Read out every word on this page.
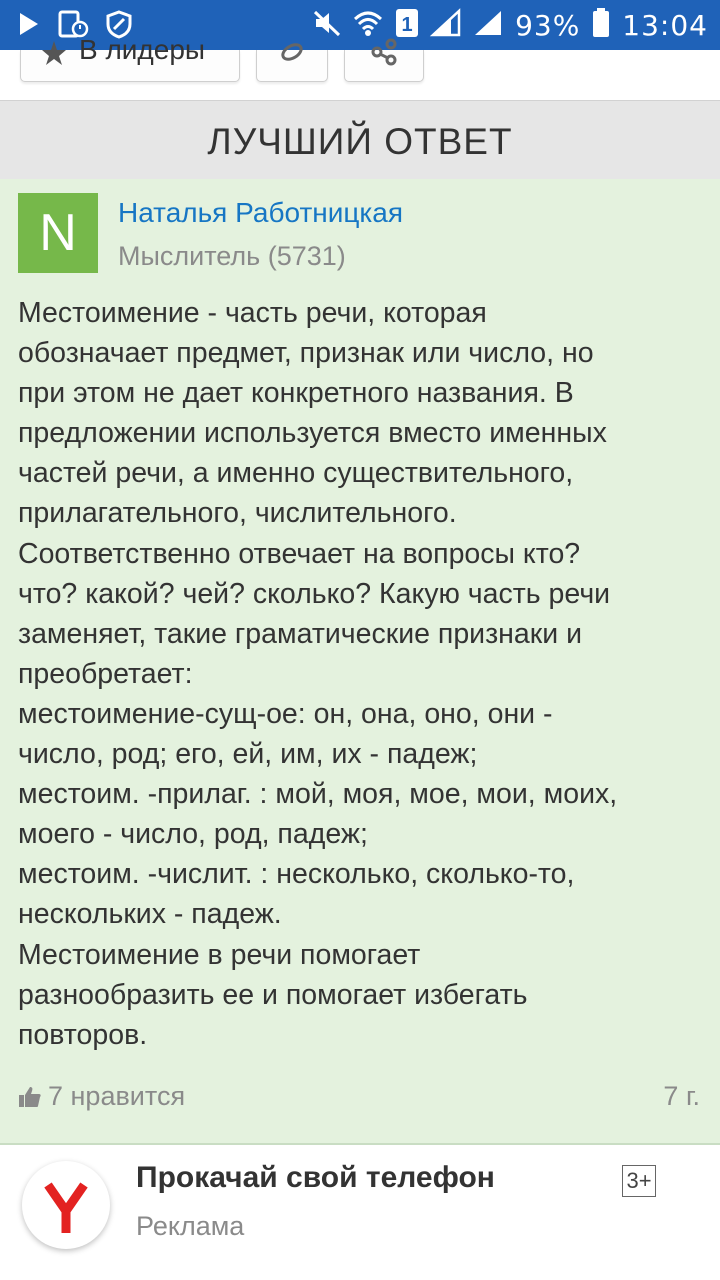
1	93% 13:04
В лидеры
ЛУЧШИЙ ОТВЕТ
N	Наталья Работницкая
Мыслитель (5731)
Местоимение - часть речи, которая
обозначает предмет, признак или число, но
при этом не дает конкретного названия. В
предложении используется вместо именных
частей речи, а именно существительного,
прилагательного, числительного.
Соответственно отвечает на вопросы кто?
что? какой? чей? сколько? Какую часть речи
заменяет, такие граматические признаки и
преобретает:
местоимение-сущ-ое: он, она, оно, они -
число, род; его, ей, им, их - падеж;
местоим. -прилаг. : мой, моя, мое, мои, моих,
моего - число, род, падеж;
местоим. -числит. : несколько, сколько-то,
нескольких - падеж.
Местоимение в речи помогает
разнообразить ее и помогает избегать
повторов.
7 нравится	7 г.
Прокачай свой телефон
Реклама
3+
